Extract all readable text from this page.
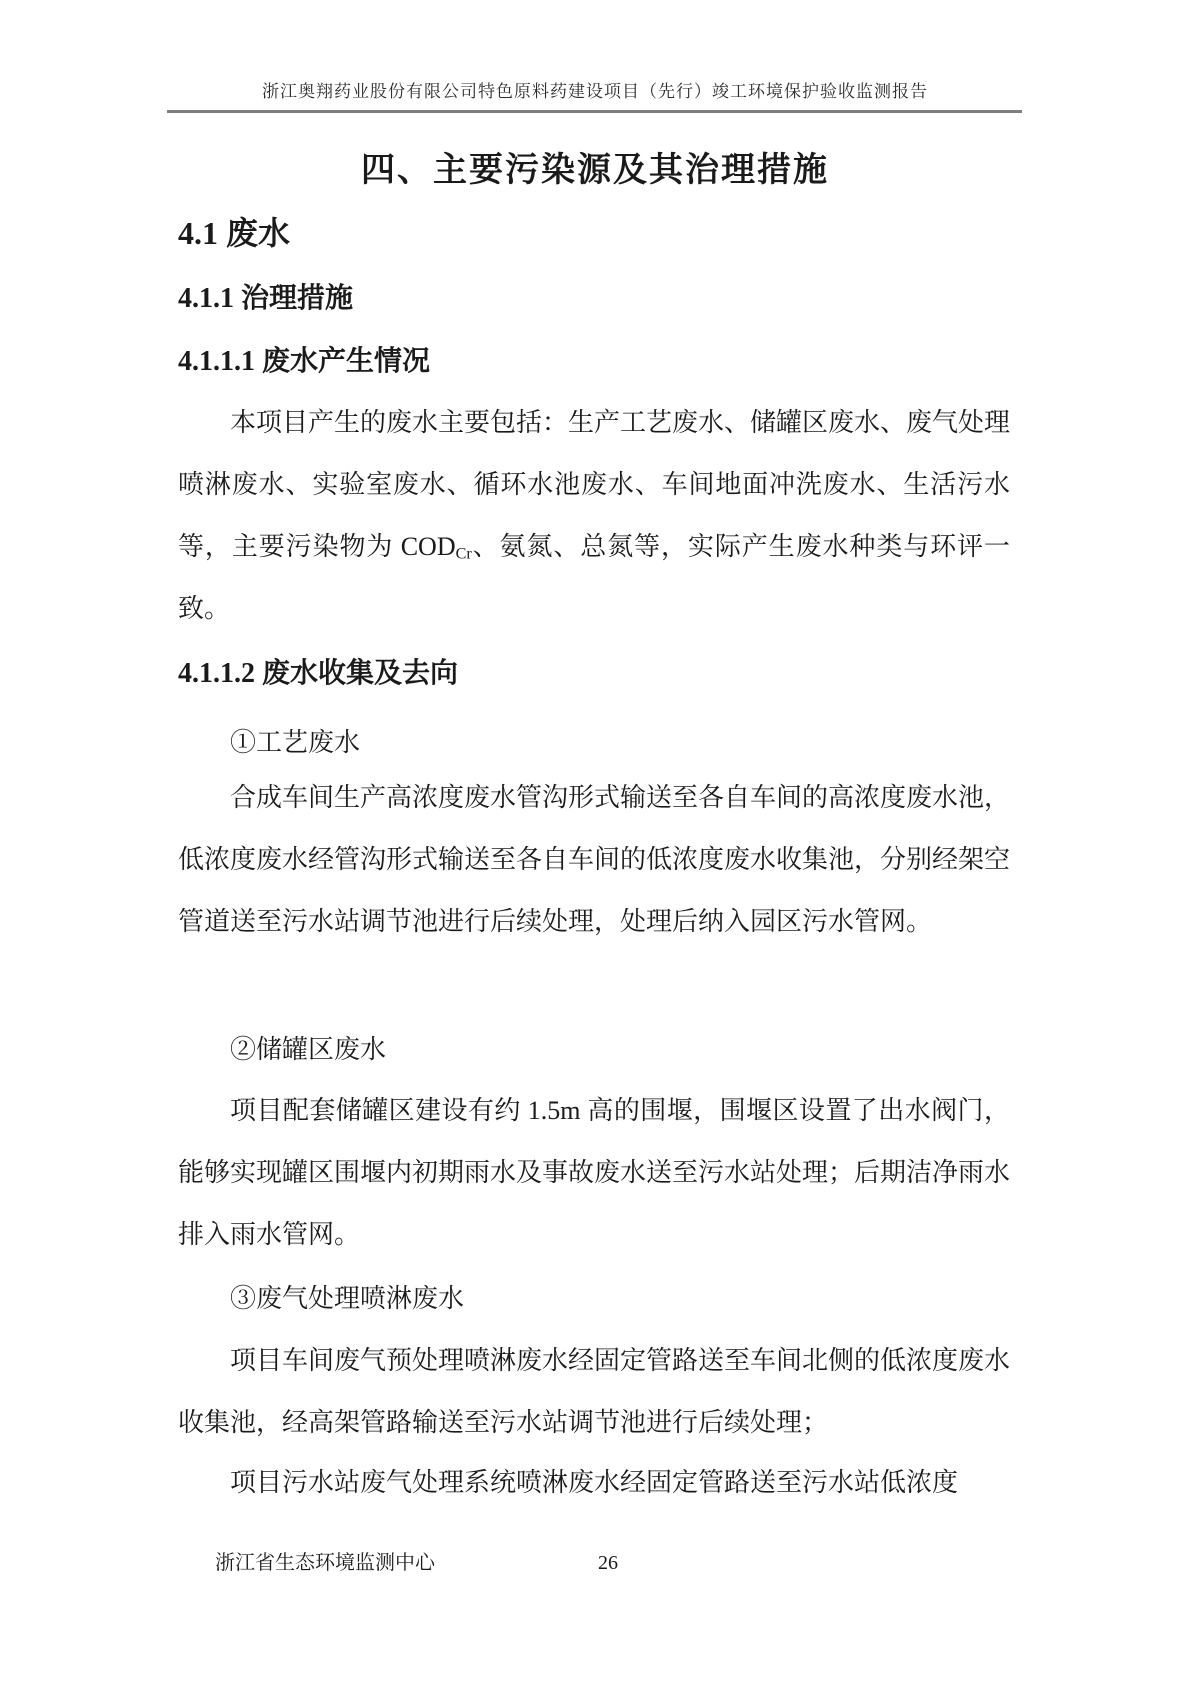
浙江奥翔药业股份有限公司特色原料药建设项目（先行）竣工环境保护验收监测报告
四、主要污染源及其治理措施
4.1 废水
4.1.1 治理措施
4.1.1.1 废水产生情况

本项目产生的废水主要包括：生产工艺废水、储罐区废水、废气处理喷淋废水、实验室废水、循环水池废水、车间地面冲洗废水、生活污水等，主要污染物为 $COD_{Cr}$、氨氮、总氮等，实际产生废水种类与环评一致。

4.1.1.2 废水收集及去向

①工艺废水

合成车间生产高浓度废水管沟形式输送至各自车间的高浓度废水池，低浓度废水经管沟形式输送至各自车间的低浓度废水收集池，分别经架空管道送至污水站调节池进行后续处理，处理后纳入园区污水管网。

②储罐区废水

项目配套储罐区建设有约 1.5m 高的围堰，围堰区设置了出水阀门，能够实现罐区围堰内初期雨水及事故废水送至污水站处理；后期洁净雨水排入雨水管网。

③废气处理喷淋废水

项目车间废气预处理喷淋废水经固定管路送至车间北侧的低浓度废水收集池，经高架管路输送至污水站调节池进行后续处理；

项目污水站废气处理系统喷淋废水经固定管路送至污水站低浓度

浙江省生态环境监测中心	26
